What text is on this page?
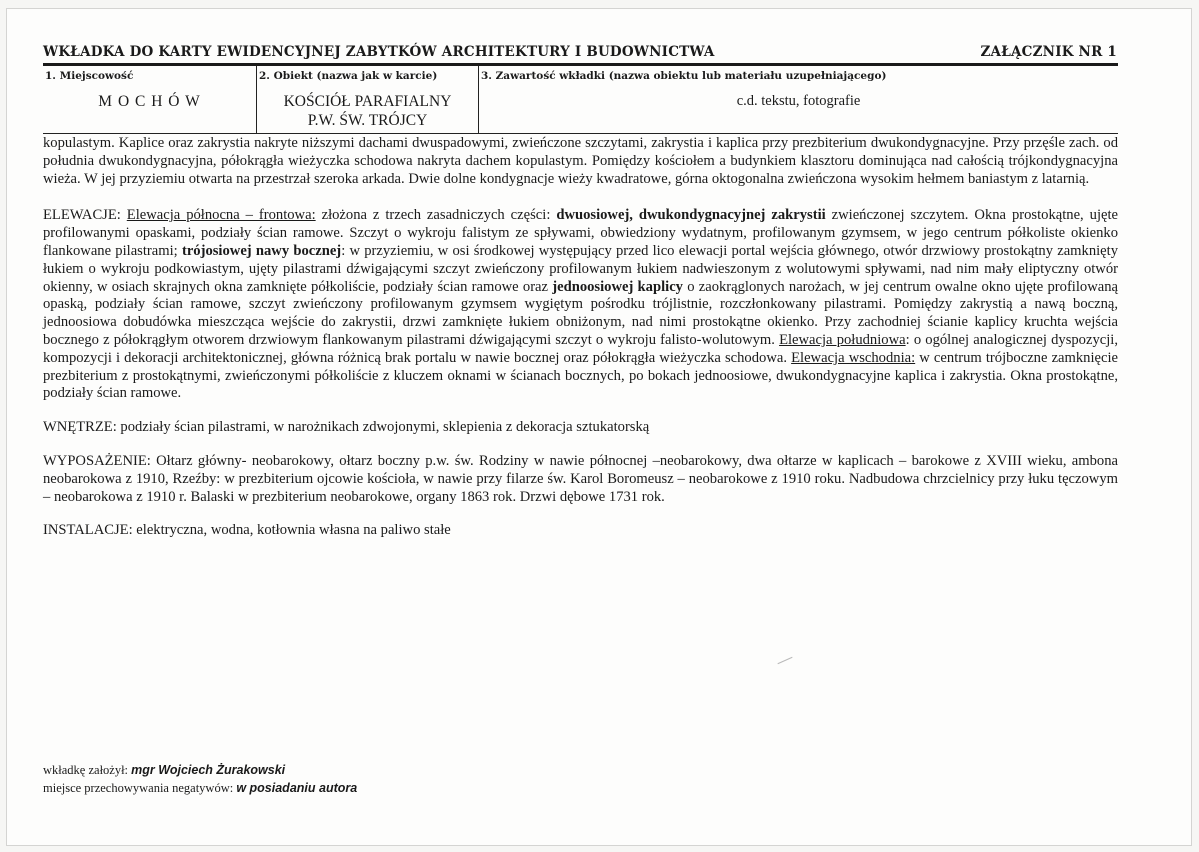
WKŁADKA DO KARTY EWIDENCYJNEJ ZABYTKÓW ARCHITEKTURY I BUDOWNICTWA	ZAŁĄCZNIK NR 1
1. Miejscowość
M O C H Ó W
2. Obiekt (nazwa jak w karcie)
KOŚCIÓŁ PARAFIALNY
P.W. ŚW. TRÓJCY
3. Zawartość wkładki (nazwa obiektu lub materiału uzupełniającego)
c.d. tekstu, fotografie

kopulastym. Kaplice oraz zakrystia nakryte niższymi dachami dwuspadowymi, zwieńczone szczytami, zakrystia i kaplica przy prezbiterium dwukondygnacyjne. Przy przęśle zach. od południa dwukondygnacyjna, półokrągła wieżyczka schodowa nakryta dachem kopulastym. Pomiędzy kościołem a budynkiem klasztoru dominująca nad całością trójkondygnacyjna wieża. W jej przyziemiu otwarta na przestrzał szeroka arkada. Dwie dolne kondygnacje wieży kwadratowe, górna oktogonalna zwieńczona wysokim hełmem baniastym z latarnią.

ELEWACJE: Elewacja północna – frontowa: złożona z trzech zasadniczych części: dwuosiowej, dwukondygnacyjnej zakrystii zwieńczonej szczytem. Okna prostokątne, ujęte profilowanymi opaskami, podziały ścian ramowe. Szczyt o wykroju falistym ze spływami, obwiedziony wydatnym, profilowanym gzymsem, w jego centrum półkoliste okienko flankowane pilastrami; trójosiowej nawy bocznej: w przyziemiu, w osi środkowej występujący przed lico elewacji portal wejścia głównego, otwór drzwiowy prostokątny zamknięty łukiem o wykroju podkowiastym, ujęty pilastrami dźwigającymi szczyt zwieńczony profilowanym łukiem nadwieszonym z wolutowymi spływami, nad nim mały eliptyczny otwór okienny, w osiach skrajnych okna zamknięte półkoliście, podziały ścian ramowe oraz jednoosiowej kaplicy o zaokrąglonych narożach, w jej centrum owalne okno ujęte profilowaną opaską, podziały ścian ramowe, szczyt zwieńczony profilowanym gzymsem wygiętym pośrodku trójlistnie, rozczłonkowany pilastrami. Pomiędzy zakrystią a nawą boczną, jednoosiowa dobudówka mieszcząca wejście do zakrystii, drzwi zamknięte łukiem obniżonym, nad nimi prostokątne okienko. Przy zachodniej ścianie kaplicy kruchta wejścia bocznego z półokrągłym otworem drzwiowym flankowanym pilastrami dźwigającymi szczyt o wykroju falisto-wolutowym. Elewacja południowa: o ogólnej analogicznej dyspozycji, kompozycji i dekoracji architektonicznej, główna różnicą brak portalu w nawie bocznej oraz półokrągła wieżyczka schodowa. Elewacja wschodnia: w centrum trójboczne zamknięcie prezbiterium z prostokątnymi, zwieńczonymi półkoliście z kluczem oknami w ścianach bocznych, po bokach jednoosiowe, dwukondygnacyjne kaplica i zakrystia. Okna prostokątne, podziały ścian ramowe.

WNĘTRZE: podziały ścian pilastrami, w narożnikach zdwojonymi, sklepienia z dekoracja sztukatorską

WYPOSAŻENIE: Ołtarz główny- neobarokowy, ołtarz boczny p.w. św. Rodziny w nawie północnej –neobarokowy, dwa ołtarze w kaplicach – barokowe z XVIII wieku, ambona neobarokowa z 1910, Rzeźby: w prezbiterium ojcowie kościoła, w nawie przy filarze św. Karol Boromeusz – neobarokowe z 1910 roku. Nadbudowa chrzcielnicy przy łuku tęczowym – neobarokowa z 1910 r. Balaski w prezbiterium neobarokowe, organy 1863 rok. Drzwi dębowe 1731 rok.

INSTALACJE: elektryczna, wodna, kotłownia własna na paliwo stałe

wkładkę założył: mgr Wojciech Żurakowski
miejsce przechowywania negatywów: w posiadaniu autora
